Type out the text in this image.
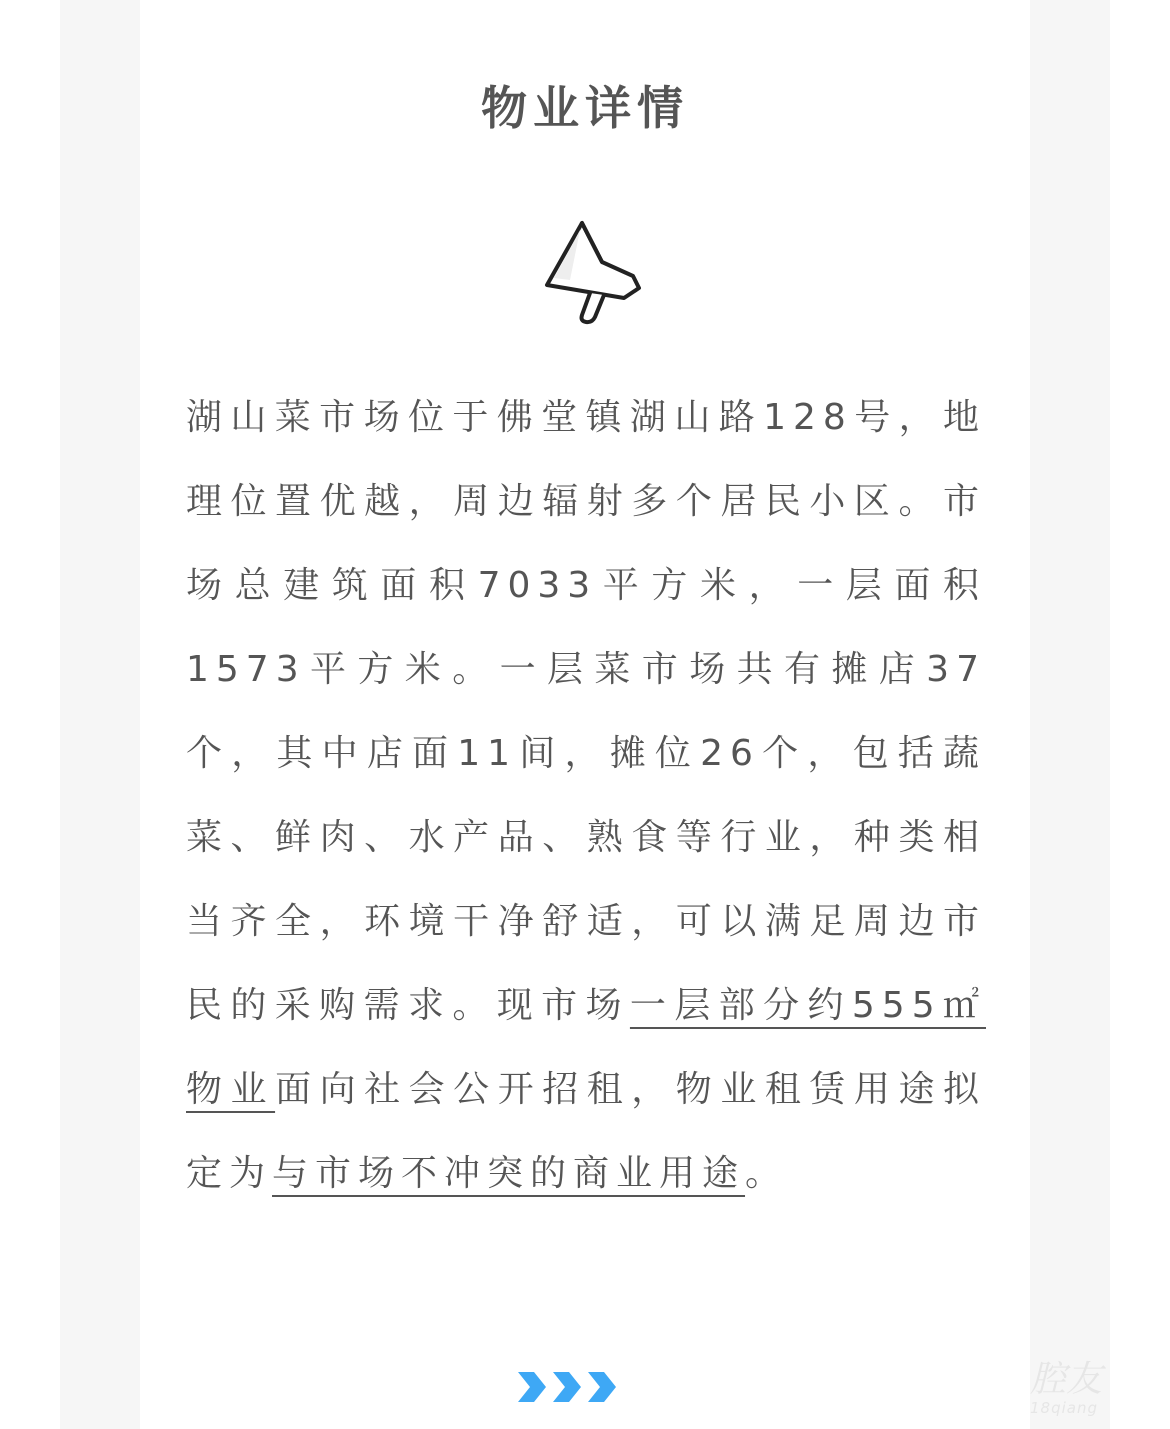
物业详情
湖山菜市场位于佛堂镇湖山路128号，地理位置优越，周边辐射多个居民小区。市场总建筑面积7033平方米，一层面积1573平方米。一层菜市场共有摊店37个，其中店面11间，摊位26个，包括蔬菜、鲜肉、水产品、熟食等行业，种类相当齐全，环境干净舒适，可以满足周边市民的采购需求。现市场一层部分约555㎡物业面向社会公开招租，物业租赁用途拟定为与市场不冲突的商业用途。
腔友
18qiang
